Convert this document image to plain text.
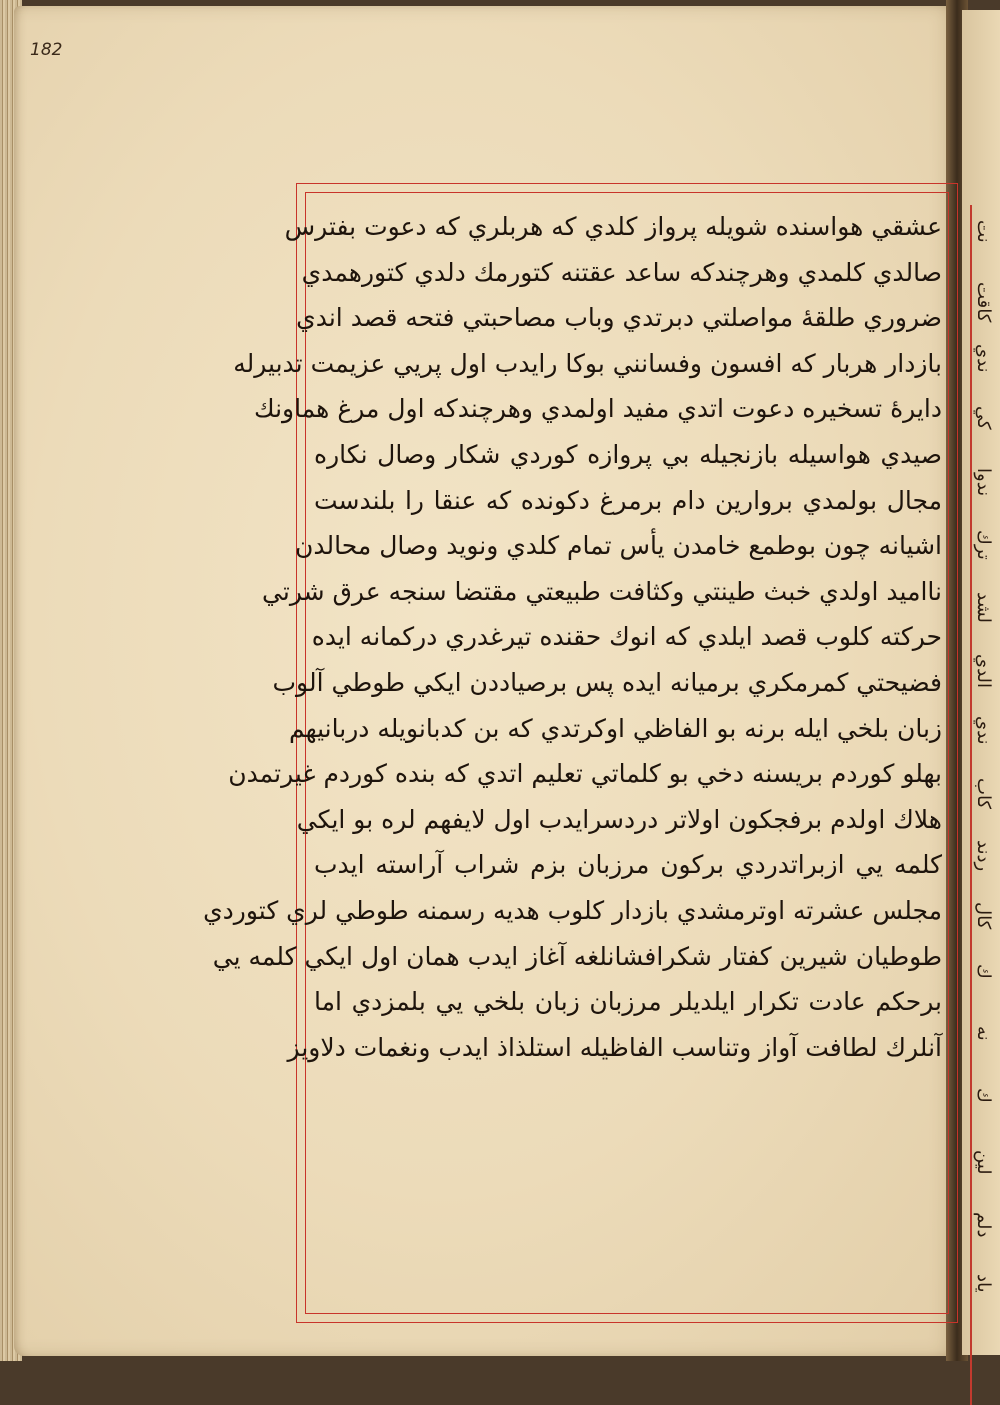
نت
كاقت
ندي
كي
ندوا
ترك
لشد
الدي
ندي
كاب
ردند
كال
ك
نه
ك
لين
دلم
ياد
182
عشقي هواسنده شويله پرواز كلدي كه هربلري كه دعوت بفترس
صالدي كلمدي وهرچندكه ساعد عقتنه كتورمك دلدي كتورهمدي
ضروري طلقهٔ مواصلتي دبرتدي وباب مصاحبتي فتحه قصد اندي
بازدار هربار كه افسون وفسانني بوكا رايدب اول پريي عزيمت تدبيرله
دايرهٔ تسخيره دعوت اتدي مفيد اولمدي وهرچندكه اول مرغ هماونك
صيدي هواسيله بازنجيله بي پروازه كوردي شكار وصال نكاره
مجال بولمدي بروارين دام برمرغ دكونده كه عنقا را بلندست
اشيانه چون بوطمع خامدن يأس تمام كلدي ونويد وصال محالدن
نااميد اولدي خبث طينتي وكثافت طبيعتي مقتضا سنجه عرق شرتي
حركته كلوب قصد ايلدي كه انوك حقنده تيرغدري دركمانه ايده
فضيحتي كمرمكري برميانه ايده پس برصياددن ايكي طوطي آلوب
زبان بلخي ايله برنه بو الفاظي اوكرتدي كه بن كدبانويله دربانيهم
بهلو كوردم بريسنه دخي بو كلماتي تعليم اتدي كه بنده كوردم غيرتمدن
هلاك اولدم برفجكون اولاتر دردسرايدب اول لايفهم لره بو ايكي
كلمه يي ازبراتدردي بركون مرزبان بزم شراب آراسته ايدب
مجلس عشرته اوترمشدي بازدار كلوب هديه رسمنه طوطي لري كتوردي
طوطيان شيرين كفتار شكرافشانلغه آغاز ايدب همان اول ايكي كلمه يي
برحكم عادت تكرار ايلديلر مرزبان زبان بلخي يي بلمزدي اما
آنلرك لطافت آواز وتناسب الفاظيله استلذاذ ايدب ونغمات دلاويز
